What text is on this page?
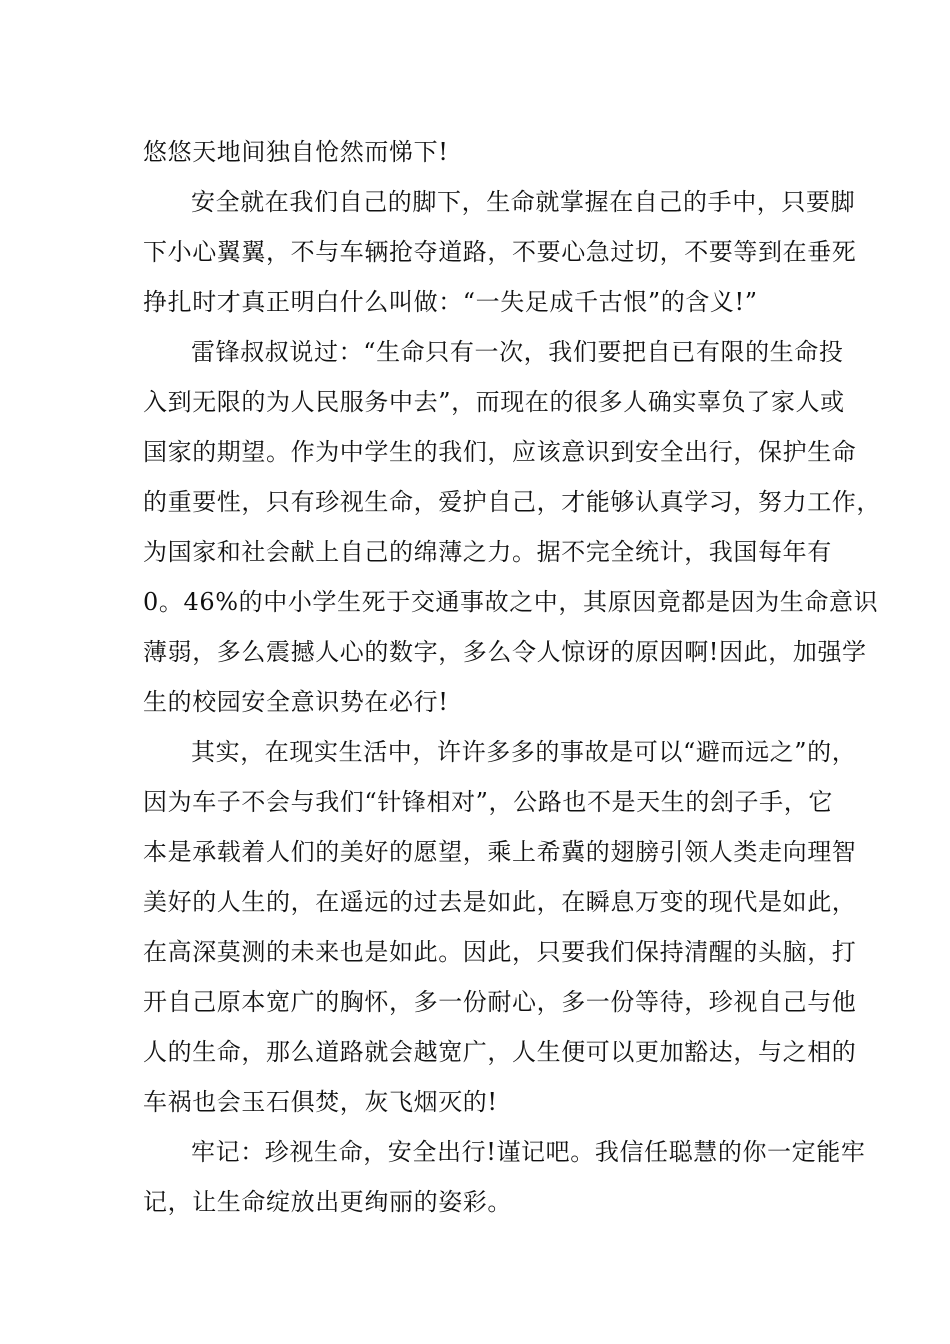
悠悠天地间独自怆然而悌下!
安全就在我们自己的脚下，生命就掌握在自己的手中，只要脚
下小心翼翼，不与车辆抢夺道路，不要心急过切，不要等到在垂死
挣扎时才真正明白什么叫做：“一失足成千古恨”的含义!”
雷锋叔叔说过：“生命只有一次，我们要把自已有限的生命投
入到无限的为人民服务中去”，而现在的很多人确实辜负了家人或
国家的期望。作为中学生的我们，应该意识到安全出行，保护生命
的重要性，只有珍视生命，爱护自己，才能够认真学习，努力工作，
为国家和社会献上自己的绵薄之力。据不完全统计，我国每年有
0。46%的中小学生死于交通事故之中，其原因竟都是因为生命意识
薄弱，多么震撼人心的数字，多么令人惊讶的原因啊!因此，加强学
生的校园安全意识势在必行!
其实，在现实生活中，许许多多的事故是可以“避而远之”的，
因为车子不会与我们“针锋相对”，公路也不是天生的刽子手，它
本是承载着人们的美好的愿望，乘上希冀的翅膀引领人类走向理智
美好的人生的，在遥远的过去是如此，在瞬息万变的现代是如此，
在高深莫测的未来也是如此。因此，只要我们保持清醒的头脑，打
开自己原本宽广的胸怀，多一份耐心，多一份等待，珍视自己与他
人的生命，那么道路就会越宽广，人生便可以更加豁达，与之相的
车祸也会玉石俱焚，灰飞烟灭的!
牢记：珍视生命，安全出行!谨记吧。我信任聪慧的你一定能牢
记，让生命绽放出更绚丽的姿彩。
